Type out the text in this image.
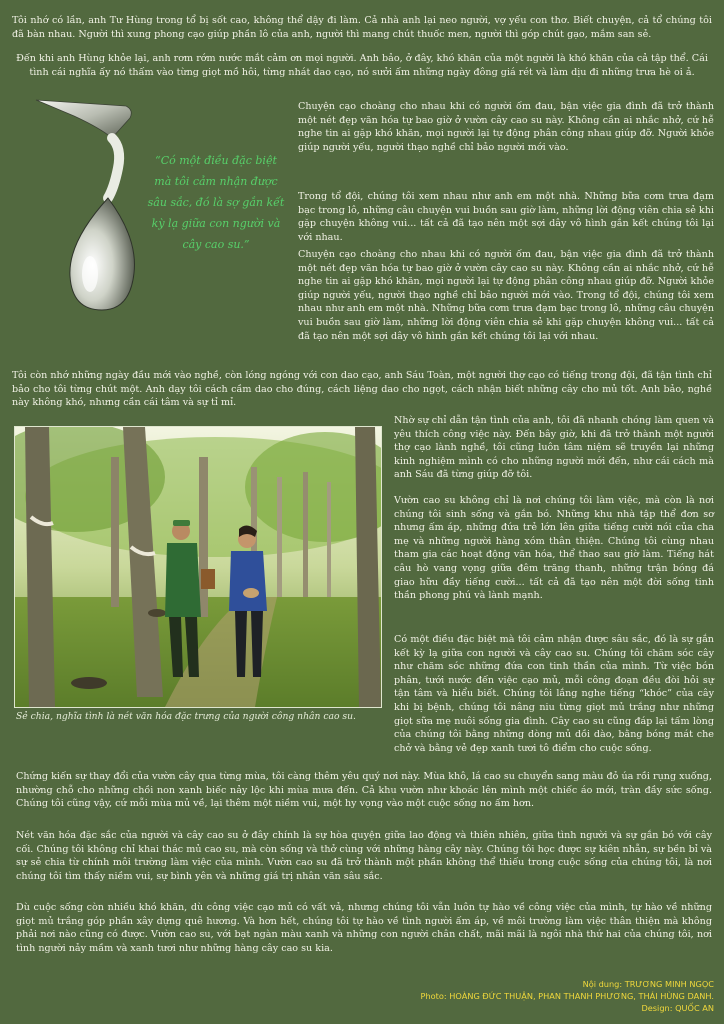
Tôi nhớ có lần, anh Tư Hùng trong tổ bị sốt cao, không thể dậy đi làm. Cả nhà anh lại neo người, vợ yếu con thơ. Biết chuyện, cả tổ chúng tôi đã bàn nhau. Người thì xung phong cạo giúp phần lô của anh, người thì mang chút thuốc men, người thì góp chút gạo, mắm san sẻ.

Đến khi anh Hùng khỏe lại, anh rơm rớm nước mắt cảm ơn mọi người. Anh bảo, ở đây, khó khăn của một người là khó khăn của cả tập thể. Cái tình cái nghĩa ấy nó thấm vào từng giọt mồ hôi, từng nhát dao cạo, nó sưởi ấm những ngày đông giá rét và làm dịu đi những trưa hè oi ả.

“Có một điều đặc biệt mà tôi cảm nhận được sâu sắc, đó là sợ gắn kết kỳ lạ giữa con người và cây cao su.”

Chuyện cạo choàng cho nhau khi có người ốm đau, bận việc gia đình đã trở thành một nét đẹp văn hóa tự bao giờ ở vườn cây cao su này. Không cần ai nhắc nhở, cứ hễ nghe tin ai gặp khó khăn, mọi người lại tự động phân công nhau giúp đỡ. Người khỏe giúp người yếu, người thạo nghề chỉ bảo người mới vào.

Trong tổ đội, chúng tôi xem nhau như anh em một nhà. Những bữa cơm trưa đạm bạc trong lô, những câu chuyện vui buồn sau giờ làm, những lời động viên chia sẻ khi gặp chuyện không vui... tất cả đã tạo nên một sợi dây vô hình gắn kết chúng tôi lại với nhau.

Chuyện cạo choàng cho nhau khi có người ốm đau, bận việc gia đình đã trở thành một nét đẹp văn hóa tự bao giờ ở vườn cây cao su này. Không cần ai nhắc nhở, cứ hễ nghe tin ai gặp khó khăn, mọi người lại tự động phân công nhau giúp đỡ. Người khỏe giúp người yếu, người thạo nghề chỉ bảo người mới vào. Trong tổ đội, chúng tôi xem nhau như anh em một nhà. Những bữa cơm trưa đạm bạc trong lô, những câu chuyện vui buồn sau giờ làm, những lời động viên chia sẻ khi gặp chuyện không vui... tất cả đã tạo nên một sợi dây vô hình gắn kết chúng tôi lại với nhau.

Tôi còn nhớ những ngày đầu mới vào nghề, còn lóng ngóng với con dao cạo, anh Sáu Toàn, một người thợ cạo có tiếng trong đội, đã tận tình chỉ bảo cho tôi từng chút một. Anh dạy tôi cách cầm dao cho đúng, cách liệng dao cho ngọt, cách nhận biết những cây cho mủ tốt. Anh bảo, nghề này không khó, nhưng cần cái tâm và sự tỉ mỉ.

Sẻ chia, nghĩa tình là nét văn hóa đặc trưng của người công nhân cao su.

Nhờ sự chỉ dẫn tận tình của anh, tôi đã nhanh chóng làm quen và yêu thích công việc này. Đến bây giờ, khi đã trở thành một người thợ cạo lành nghề, tôi cũng luôn tâm niệm sẽ truyền lại những kinh nghiệm mình có cho những người mới đến, như cái cách mà anh Sáu đã từng giúp đỡ tôi.

Vườn cao su không chỉ là nơi chúng tôi làm việc, mà còn là nơi chúng tôi sinh sống và gắn bó. Những khu nhà tập thể đơn sơ nhưng ấm áp, những đứa trẻ lớn lên giữa tiếng cười nói của cha mẹ và những người hàng xóm thân thiện. Chúng tôi cùng nhau tham gia các hoạt động văn hóa, thể thao sau giờ làm. Tiếng hát câu hò vang vọng giữa đêm trăng thanh, những trận bóng đá giao hữu đầy tiếng cười... tất cả đã tạo nên một đời sống tinh thần phong phú và lành mạnh.

Có một điều đặc biệt mà tôi cảm nhận được sâu sắc, đó là sự gắn kết kỳ lạ giữa con người và cây cao su. Chúng tôi chăm sóc cây như chăm sóc những đứa con tinh thần của mình. Từ việc bón phân, tưới nước đến việc cạo mủ, mỗi công đoạn đều đòi hỏi sự tận tâm và hiểu biết. Chúng tôi lắng nghe tiếng “khóc” của cây khi bị bệnh, chúng tôi nâng niu từng giọt mủ trắng như những giọt sữa mẹ nuôi sống gia đình. Cây cao su cũng đáp lại tấm lòng của chúng tôi bằng những dòng mủ dồi dào, bằng bóng mát che chở và bằng vẻ đẹp xanh tươi tô điểm cho cuộc sống.

Chứng kiến sự thay đổi của vườn cây qua từng mùa, tôi càng thêm yêu quý nơi này. Mùa khô, lá cao su chuyển sang màu đỏ úa rồi rụng xuống, nhường chỗ cho những chồi non xanh biếc nảy lộc khi mùa mưa đến. Cả khu vườn như khoác lên mình một chiếc áo mới, tràn đầy sức sống. Chúng tôi cũng vậy, cứ mỗi mùa mủ về, lại thêm một niềm vui, một hy vọng vào một cuộc sống no ấm hơn.

Nét văn hóa đặc sắc của người và cây cao su ở đây chính là sự hòa quyện giữa lao động và thiên nhiên, giữa tình người và sự gắn bó với cây cối. Chúng tôi không chỉ khai thác mủ cao su, mà còn sống và thở cùng với những hàng cây này. Chúng tôi học được sự kiên nhẫn, sự bền bỉ và sự sẻ chia từ chính môi trường làm việc của mình. Vườn cao su đã trở thành một phần không thể thiếu trong cuộc sống của chúng tôi, là nơi chúng tôi tìm thấy niềm vui, sự bình yên và những giá trị nhân văn sâu sắc.

Dù cuộc sống còn nhiều khó khăn, dù công việc cạo mủ có vất vả, nhưng chúng tôi vẫn luôn tự hào về công việc của mình, tự hào về những giọt mủ trắng góp phần xây dựng quê hương. Và hơn hết, chúng tôi tự hào về tình người ấm áp, về môi trường làm việc thân thiện mà không phải nơi nào cũng có được. Vườn cao su, với bạt ngàn màu xanh và những con người chân chất, mãi mãi là ngôi nhà thứ hai của chúng tôi, nơi tình người nảy mầm và xanh tươi như những hàng cây cao su kia.

Nội dung: TRƯƠNG MINH NGỌC
Photo: HOÀNG ĐỨC THUẬN, PHAN THANH PHƯƠNG, THÁI HÙNG DANH.
Design: QUỐC AN
